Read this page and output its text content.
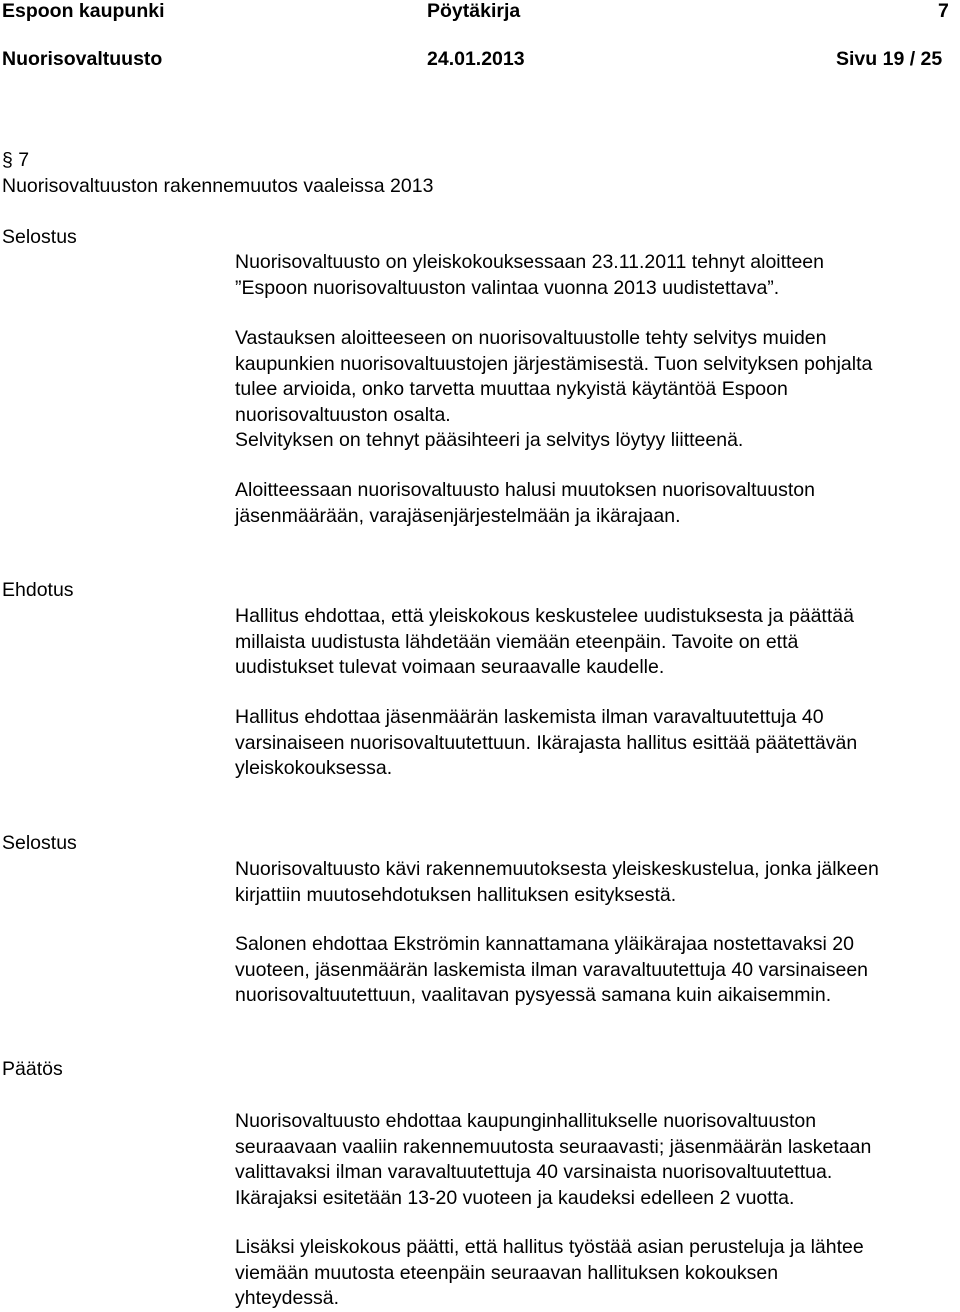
Espoon kaupunki	Pöytäkirja	7
Nuorisovaltuusto	24.01.2013	Sivu 19 / 25
§ 7
Nuorisovaltuuston rakennemuutos vaaleissa 2013
Selostus
Nuorisovaltuusto on yleiskokouksessaan 23.11.2011 tehnyt aloitteen
”Espoon nuorisovaltuuston valintaa vuonna 2013 uudistettava”.
Vastauksen aloitteeseen on nuorisovaltuustolle tehty selvitys muiden
kaupunkien nuorisovaltuustojen järjestämisestä. Tuon selvityksen pohjalta
tulee arvioida, onko tarvetta muuttaa nykyistä käytäntöä Espoon
nuorisovaltuuston osalta.
Selvityksen on tehnyt pääsihteeri ja selvitys löytyy liitteenä.
Aloitteessaan nuorisovaltuusto halusi muutoksen nuorisovaltuuston
jäsenmäärään, varajäsenjärjestelmään ja ikärajaan.
Ehdotus
Hallitus ehdottaa, että yleiskokous keskustelee uudistuksesta ja päättää
millaista uudistusta lähdetään viemään eteenpäin. Tavoite on että
uudistukset tulevat voimaan seuraavalle kaudelle.
Hallitus ehdottaa jäsenmäärän laskemista ilman varavaltuutettuja 40
varsinaiseen nuorisovaltuutettuun. Ikärajasta hallitus esittää päätettävän
yleiskokouksessa.
Selostus
Nuorisovaltuusto kävi rakennemuutoksesta yleiskeskustelua, jonka jälkeen
kirjattiin muutosehdotuksen hallituksen esityksestä.
Salonen ehdottaa Ekströmin kannattamana yläikärajaa nostettavaksi 20
vuoteen, jäsenmäärän laskemista ilman varavaltuutettuja 40 varsinaiseen
nuorisovaltuutettuun, vaalitavan pysyessä samana kuin aikaisemmin.
Päätös
Nuorisovaltuusto ehdottaa kaupunginhallitukselle nuorisovaltuuston
seuraavaan vaaliin rakennemuutosta seuraavasti; jäsenmäärän lasketaan
valittavaksi ilman varavaltuutettuja 40 varsinaista nuorisovaltuutettua.
Ikärajaksi esitetään 13-20 vuoteen ja kaudeksi edelleen 2 vuotta.
Lisäksi yleiskokous päätti, että hallitus työstää asian perusteluja ja lähtee
viemään muutosta eteenpäin seuraavan hallituksen kokouksen
yhteydessä.
